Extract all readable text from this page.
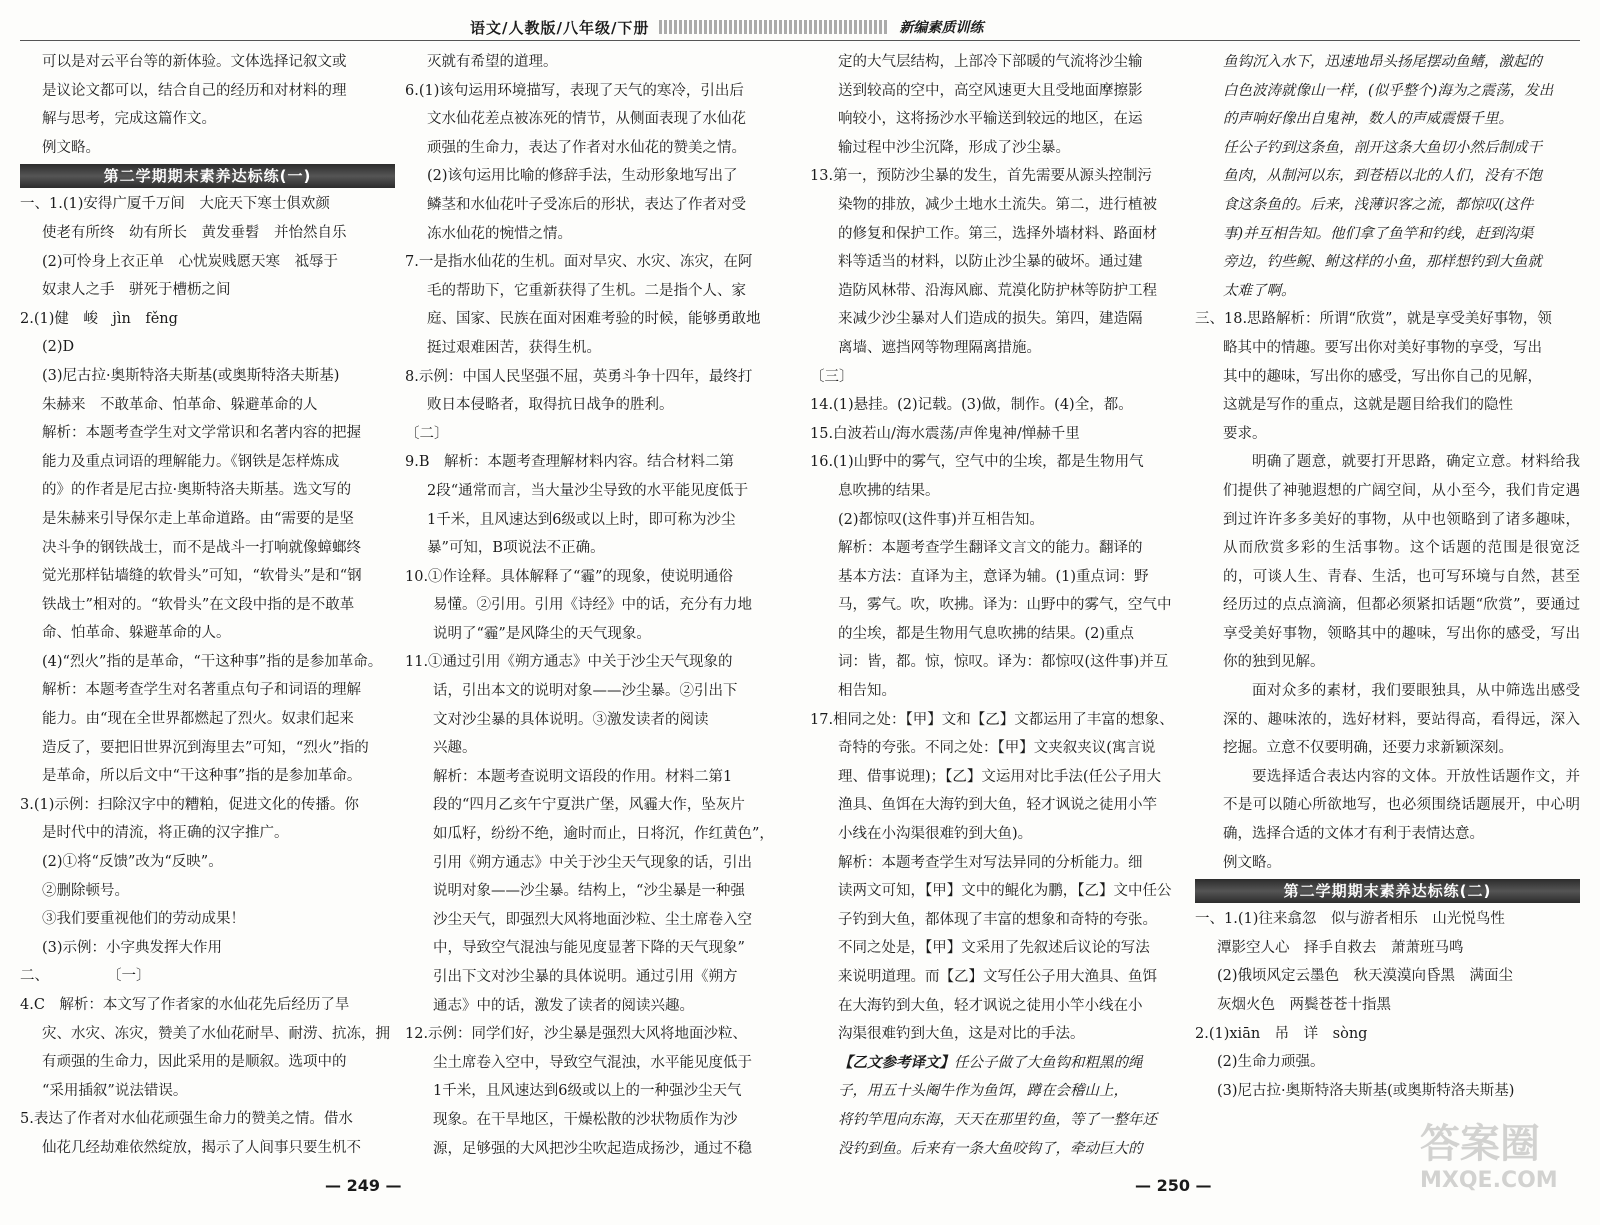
语文/人教版/八年级/下册	新编素质训练

可以是对云平台等的新体验。文体选择记叙文或

是议论文都可以，结合自己的经历和对材料的理

解与思考，完成这篇作文。

例文略。

第二学期期末素养达标练(一)

一、1.(1)安得广厦千万间　大庇天下寒士俱欢颜

使老有所终　幼有所长　黄发垂髫　并怡然自乐

(2)可怜身上衣正单　心忧炭贱愿天寒　祗辱于

奴隶人之手　骈死于槽枥之间

2.(1)健　峻　jìn　fěng

(2)D

(3)尼古拉·奥斯特洛夫斯基(或奥斯特洛夫斯基)

朱赫来　不敢革命、怕革命、躲避革命的人

解析：本题考查学生对文学常识和名著内容的把握

能力及重点词语的理解能力。《钢铁是怎样炼成

的》的作者是尼古拉·奥斯特洛夫斯基。选文写的

是朱赫来引导保尔走上革命道路。由“需要的是坚

决斗争的钢铁战士，而不是战斗一打响就像蟑螂终

觉光那样钻墙缝的软骨头”可知，“软骨头”是和“钢

铁战士”相对的。“软骨头”在文段中指的是不敢革

命、怕革命、躲避革命的人。

(4)“烈火”指的是革命，“干这种事”指的是参加革命。

解析：本题考查学生对名著重点句子和词语的理解

能力。由“现在全世界都燃起了烈火。奴隶们起来

造反了，要把旧世界沉到海里去”可知，“烈火”指的

是革命，所以后文中“干这种事”指的是参加革命。

3.(1)示例：扫除汉字中的糟粕，促进文化的传播。你

是时代中的清流，将正确的汉字推广。

(2)①将“反馈”改为“反映”。

②删除顿号。

③我们要重视他们的劳动成果！

(3)示例：小字典发挥大作用

二、　　　　　〔一〕

4.C　解析：本文写了作者家的水仙花先后经历了旱

灾、水灾、冻灾，赞美了水仙花耐旱、耐涝、抗冻，拥

有顽强的生命力，因此采用的是顺叙。选项中的

“采用插叙”说法错误。

5.表达了作者对水仙花顽强生命力的赞美之情。借水

仙花几经劫难依然绽放，揭示了人间事只要生机不

灭就有希望的道理。

6.(1)该句运用环境描写，表现了天气的寒冷，引出后

文水仙花差点被冻死的情节，从侧面表现了水仙花

顽强的生命力，表达了作者对水仙花的赞美之情。

(2)该句运用比喻的修辞手法，生动形象地写出了

鳞茎和水仙花叶子受冻后的形状，表达了作者对受

冻水仙花的惋惜之情。

7.一是指水仙花的生机。面对旱灾、水灾、冻灾，在阿

毛的帮助下，它重新获得了生机。二是指个人、家

庭、国家、民族在面对困难考验的时候，能够勇敢地

挺过艰难困苦，获得生机。

8.示例：中国人民坚强不屈，英勇斗争十四年，最终打

败日本侵略者，取得抗日战争的胜利。

〔二〕

9.B　解析：本题考查理解材料内容。结合材料二第

2段“通常而言，当大量沙尘导致的水平能见度低于

1千米，且风速达到6级或以上时，即可称为沙尘

暴”可知，B项说法不正确。

10.①作诠释。具体解释了“霾”的现象，使说明通俗

易懂。②引用。引用《诗经》中的话，充分有力地

说明了“霾”是风降尘的天气现象。

11.①通过引用《朔方通志》中关于沙尘天气现象的

话，引出本文的说明对象——沙尘暴。②引出下

文对沙尘暴的具体说明。③激发读者的阅读

兴趣。

解析：本题考查说明文语段的作用。材料二第1

段的“四月乙亥午宁夏洪广堡，风霾大作，坠灰片

如瓜籽，纷纷不绝，逾时而止，日将沉，作红黄色”，

引用《朔方通志》中关于沙尘天气现象的话，引出

说明对象——沙尘暴。结构上，“沙尘暴是一种强

沙尘天气，即强烈大风将地面沙粒、尘土席卷入空

中，导致空气混浊与能见度显著下降的天气现象”

引出下文对沙尘暴的具体说明。通过引用《朔方

通志》中的话，激发了读者的阅读兴趣。

12.示例：同学们好，沙尘暴是强烈大风将地面沙粒、

尘土席卷入空中，导致空气混浊，水平能见度低于

1千米，且风速达到6级或以上的一种强沙尘天气

现象。在干旱地区，干燥松散的沙状物质作为沙

源，足够强的大风把沙尘吹起造成扬沙，通过不稳

定的大气层结构，上部冷下部暖的气流将沙尘输

送到较高的空中，高空风速更大且受地面摩擦影

响较小，这将扬沙水平输送到较远的地区，在运

输过程中沙尘沉降，形成了沙尘暴。

13.第一，预防沙尘暴的发生，首先需要从源头控制污

染物的排放，减少土地水土流失。第二，进行植被

的修复和保护工作。第三，选择外墙材料、路面材

料等适当的材料，以防止沙尘暴的破坏。通过建

造防风林带、沿海风廊、荒漠化防护林等防护工程

来减少沙尘暴对人们造成的损失。第四，建造隔

离墙、遮挡网等物理隔离措施。

〔三〕

14.(1)悬挂。(2)记载。(3)做，制作。(4)全，都。

15.白波若山/海水震荡/声侔鬼神/惮赫千里

16.(1)山野中的雾气，空气中的尘埃，都是生物用气

息吹拂的结果。

(2)都惊叹(这件事)并互相告知。

解析：本题考查学生翻译文言文的能力。翻译的

基本方法：直译为主，意译为辅。(1)重点词：野

马，雾气。吹，吹拂。译为：山野中的雾气，空气中

的尘埃，都是生物用气息吹拂的结果。(2)重点

词：皆，都。惊，惊叹。译为：都惊叹(这件事)并互

相告知。

17.相同之处：【甲】文和【乙】文都运用了丰富的想象、

奇特的夸张。不同之处：【甲】文夹叙夹议(寓言说

理、借事说理)；【乙】文运用对比手法(任公子用大

渔具、鱼饵在大海钓到大鱼，轻才讽说之徒用小竿

小线在小沟渠很难钓到大鱼)。

解析：本题考查学生对写法异同的分析能力。细

读两文可知，【甲】文中的鲲化为鹏，【乙】文中任公

子钓到大鱼，都体现了丰富的想象和奇特的夸张。

不同之处是，【甲】文采用了先叙述后议论的写法

来说明道理。而【乙】文写任公子用大渔具、鱼饵

在大海钓到大鱼，轻才讽说之徒用小竿小线在小

沟渠很难钓到大鱼，这是对比的手法。

【乙文参考译文】任公子做了大鱼钩和粗黑的绳

子，用五十头阉牛作为鱼饵，蹲在会稽山上，

将钓竿甩向东海，天天在那里钓鱼，等了一整年还

没钓到鱼。后来有一条大鱼咬钩了，牵动巨大的

鱼钩沉入水下，迅速地昂头扬尾摆动鱼鳍，激起的

白色波涛就像山一样，(似乎整个)海为之震荡，发出

的声响好像出自鬼神，数人的声威震慑千里。

任公子钓到这条鱼，剖开这条大鱼切小然后制成干

鱼肉，从制河以东，到苍梧以北的人们，没有不饱

食这条鱼的。后来，浅薄识客之流，都惊叹(这件

事)并互相告知。他们拿了鱼竿和钓线，赶到沟渠

旁边，钓些鲵、鲋这样的小鱼，那样想钓到大鱼就

太难了啊。

三、18.思路解析：所谓“欣赏”，就是享受美好事物，领

略其中的情趣。要写出你对美好事物的享受，写出

其中的趣味，写出你的感受，写出你自己的见解，

这就是写作的重点，这就是题目给我们的隐性

要求。

明确了题意，就要打开思路，确定立意。材料给我们提供了神驰遐想的广阔空间，从小至今，我们肯定遇到过许许多多美好的事物，从中也领略到了诸多趣味，从而欣赏多彩的生活事物。这个话题的范围是很宽泛的，可谈人生、青春、生活，也可写环境与自然，甚至经历过的点点滴滴，但都必须紧扣话题“欣赏”，要通过享受美好事物，领略其中的趣味，写出你的感受，写出你的独到见解。

面对众多的素材，我们要眼独具，从中筛选出感受深的、趣味浓的，选好材料，要站得高，看得远，深入挖掘。立意不仅要明确，还要力求新颖深刻。

要选择适合表达内容的文体。开放性话题作文，并不是可以随心所欲地写，也必须围绕话题展开，中心明确，选择合适的文体才有利于表情达意。

例文略。

第二学期期末素养达标练(二)

一、1.(1)往来翕忽　似与游者相乐　山光悦鸟性

潭影空人心　择手自救去　萧萧班马鸣

(2)俄顷风定云墨色　秋天漠漠向昏黑　满面尘

灰烟火色　两鬓苍苍十指黑

2.(1)xiān　吊　详　sòng

(2)生命力顽强。

(3)尼古拉·奥斯特洛夫斯基(或奥斯特洛夫斯基)

— 249 —	— 250 —
答案圈
MXQE.COM
